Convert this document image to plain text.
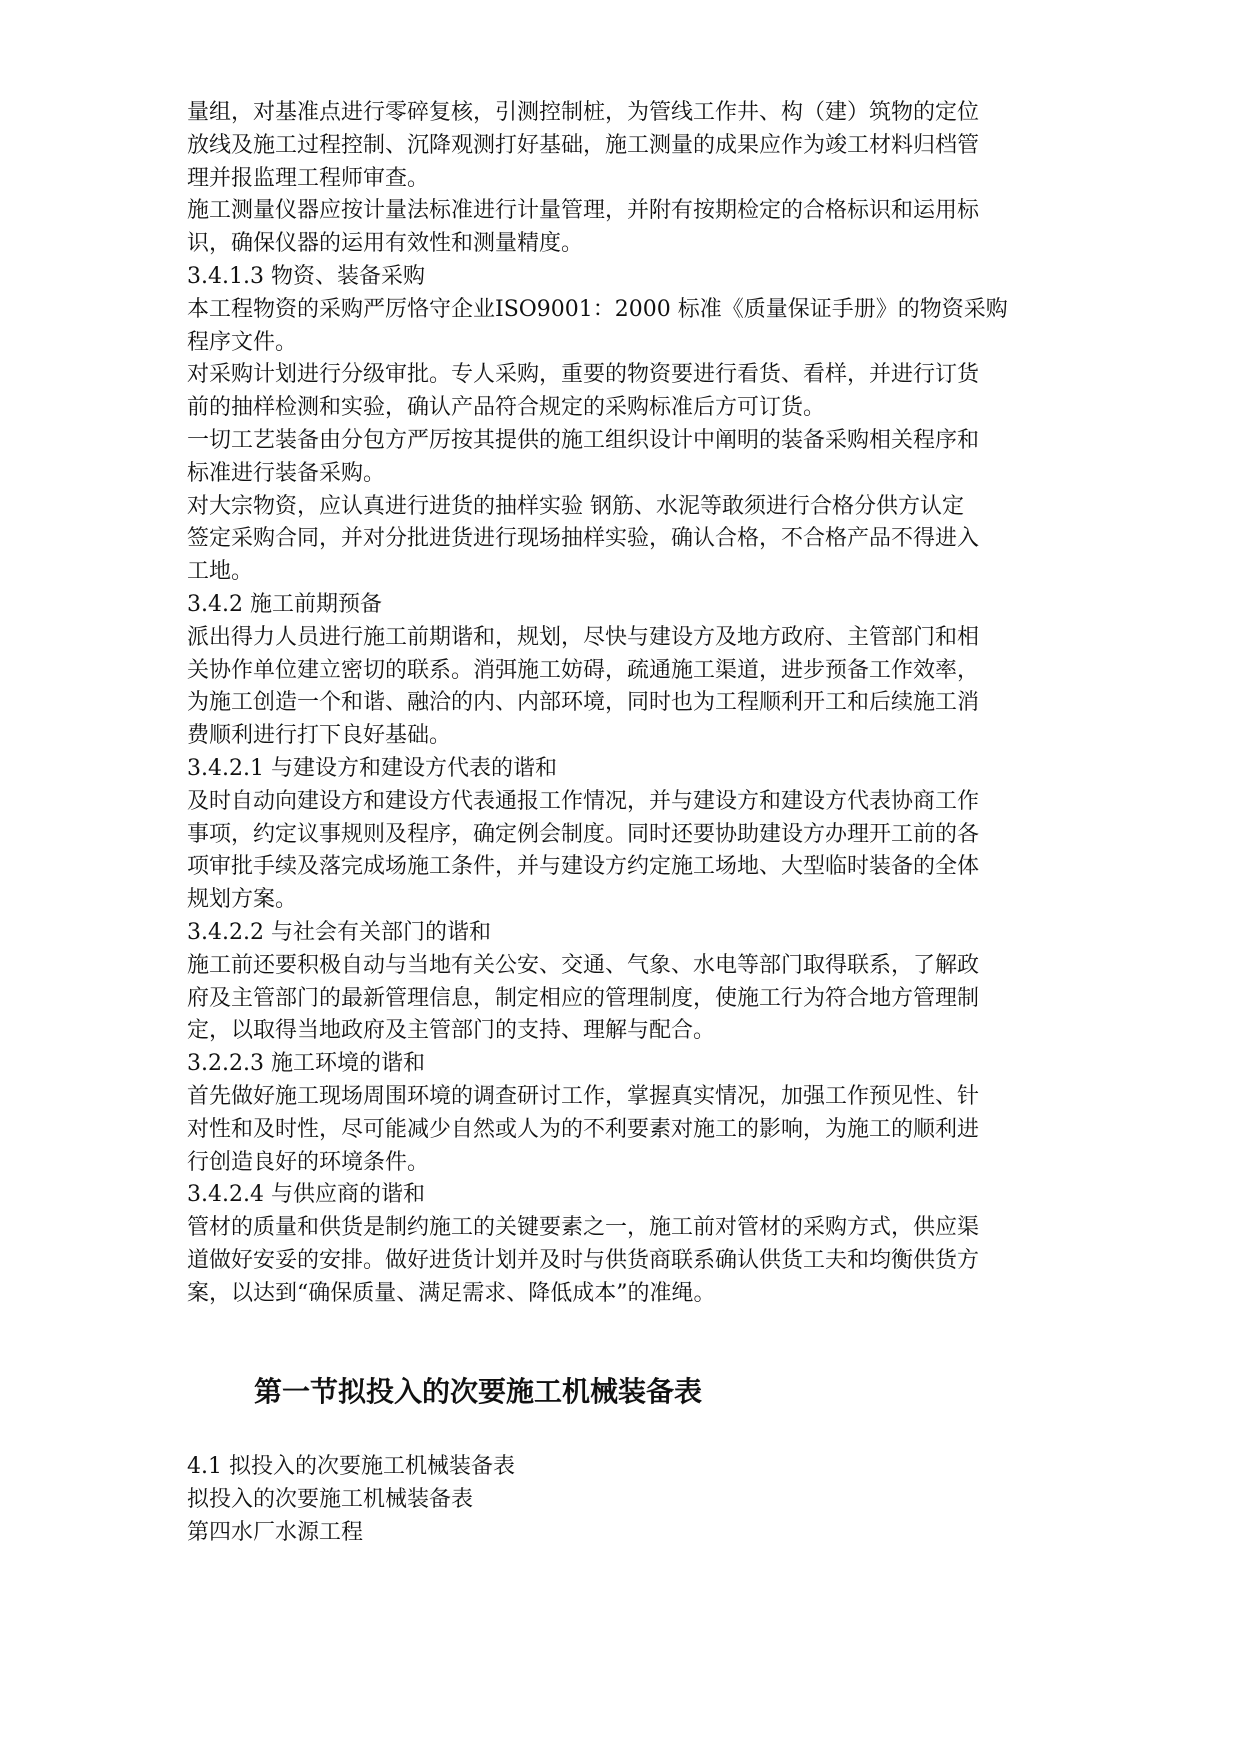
量组，对基准点进行零碎复核，引测控制桩，为管线工作井、构（建）筑物的定位

放线及施工过程控制、沉降观测打好基础，施工测量的成果应作为竣工材料归档管

理并报监理工程师审查。

施工测量仪器应按计量法标准进行计量管理，并附有按期检定的合格标识和运用标

识，确保仪器的运用有效性和测量精度。

3.4.1.3 物资、装备采购

本工程物资的采购严厉恪守企业ISO9001：2000 标准《质量保证手册》的物资采购

程序文件。

对采购计划进行分级审批。专人采购，重要的物资要进行看货、看样，并进行订货

前的抽样检测和实验，确认产品符合规定的采购标准后方可订货。

一切工艺装备由分包方严厉按其提供的施工组织设计中阐明的装备采购相关程序和

标准进行装备采购。

对大宗物资，应认真进行进货的抽样实验 钢筋、水泥等敢须进行合格分供方认定

签定采购合同，并对分批进货进行现场抽样实验，确认合格，不合格产品不得进入

工地。

3.4.2 施工前期预备

派出得力人员进行施工前期谐和，规划，尽快与建设方及地方政府、主管部门和相

关协作单位建立密切的联系。消弭施工妨碍，疏通施工渠道，进步预备工作效率，

为施工创造一个和谐、融洽的内、内部环境，同时也为工程顺利开工和后续施工消

费顺利进行打下良好基础。

3.4.2.1 与建设方和建设方代表的谐和

及时自动向建设方和建设方代表通报工作情况，并与建设方和建设方代表协商工作

事项，约定议事规则及程序，确定例会制度。同时还要协助建设方办理开工前的各

项审批手续及落完成场施工条件，并与建设方约定施工场地、大型临时装备的全体

规划方案。

3.4.2.2 与社会有关部门的谐和

施工前还要积极自动与当地有关公安、交通、气象、水电等部门取得联系，了解政

府及主管部门的最新管理信息，制定相应的管理制度，使施工行为符合地方管理制

定，以取得当地政府及主管部门的支持、理解与配合。

3.2.2.3 施工环境的谐和

首先做好施工现场周围环境的调查研讨工作，掌握真实情况，加强工作预见性、针

对性和及时性，尽可能减少自然或人为的不利要素对施工的影响，为施工的顺利进

行创造良好的环境条件。

3.4.2.4 与供应商的谐和

管材的质量和供货是制约施工的关键要素之一，施工前对管材的采购方式，供应渠

道做好安妥的安排。做好进货计划并及时与供货商联系确认供货工夫和均衡供货方

案，以达到“确保质量、满足需求、降低成本”的准绳。

第一节拟投入的次要施工机械装备表

4.1 拟投入的次要施工机械装备表

拟投入的次要施工机械装备表

第四水厂水源工程
